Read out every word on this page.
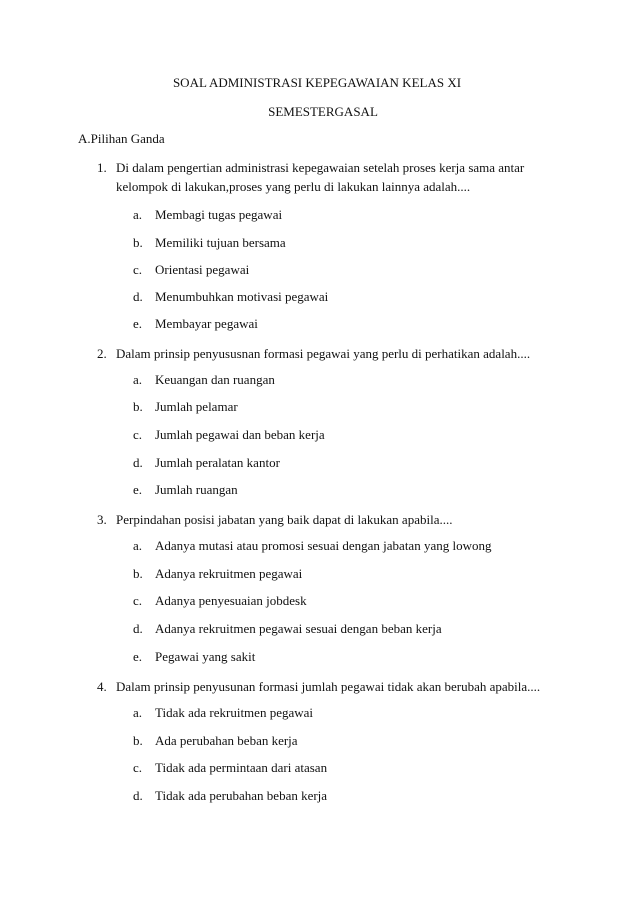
SOAL ADMINISTRASI KEPEGAWAIAN KELAS XI
SEMESTERGASAL
A.Pilihan Ganda
1. Di dalam pengertian administrasi kepegawaian setelah proses kerja sama antar kelompok di lakukan,proses yang perlu di lakukan lainnya adalah....
a. Membagi tugas pegawai
b. Memiliki tujuan bersama
c. Orientasi pegawai
d. Menumbuhkan motivasi pegawai
e. Membayar pegawai
2. Dalam prinsip penyususnan formasi pegawai yang perlu di perhatikan adalah....
a. Keuangan dan ruangan
b. Jumlah pelamar
c. Jumlah pegawai dan beban kerja
d. Jumlah peralatan kantor
e. Jumlah ruangan
3. Perpindahan posisi jabatan yang baik dapat di lakukan apabila....
a. Adanya mutasi atau promosi sesuai dengan jabatan yang lowong
b. Adanya rekruitmen pegawai
c. Adanya penyesuaian jobdesk
d. Adanya rekruitmen pegawai sesuai dengan beban kerja
e. Pegawai yang sakit
4. Dalam prinsip penyusunan formasi jumlah pegawai tidak akan berubah apabila....
a. Tidak ada rekruitmen pegawai
b. Ada perubahan beban kerja
c. Tidak ada permintaan dari atasan
d. Tidak ada perubahan beban kerja
